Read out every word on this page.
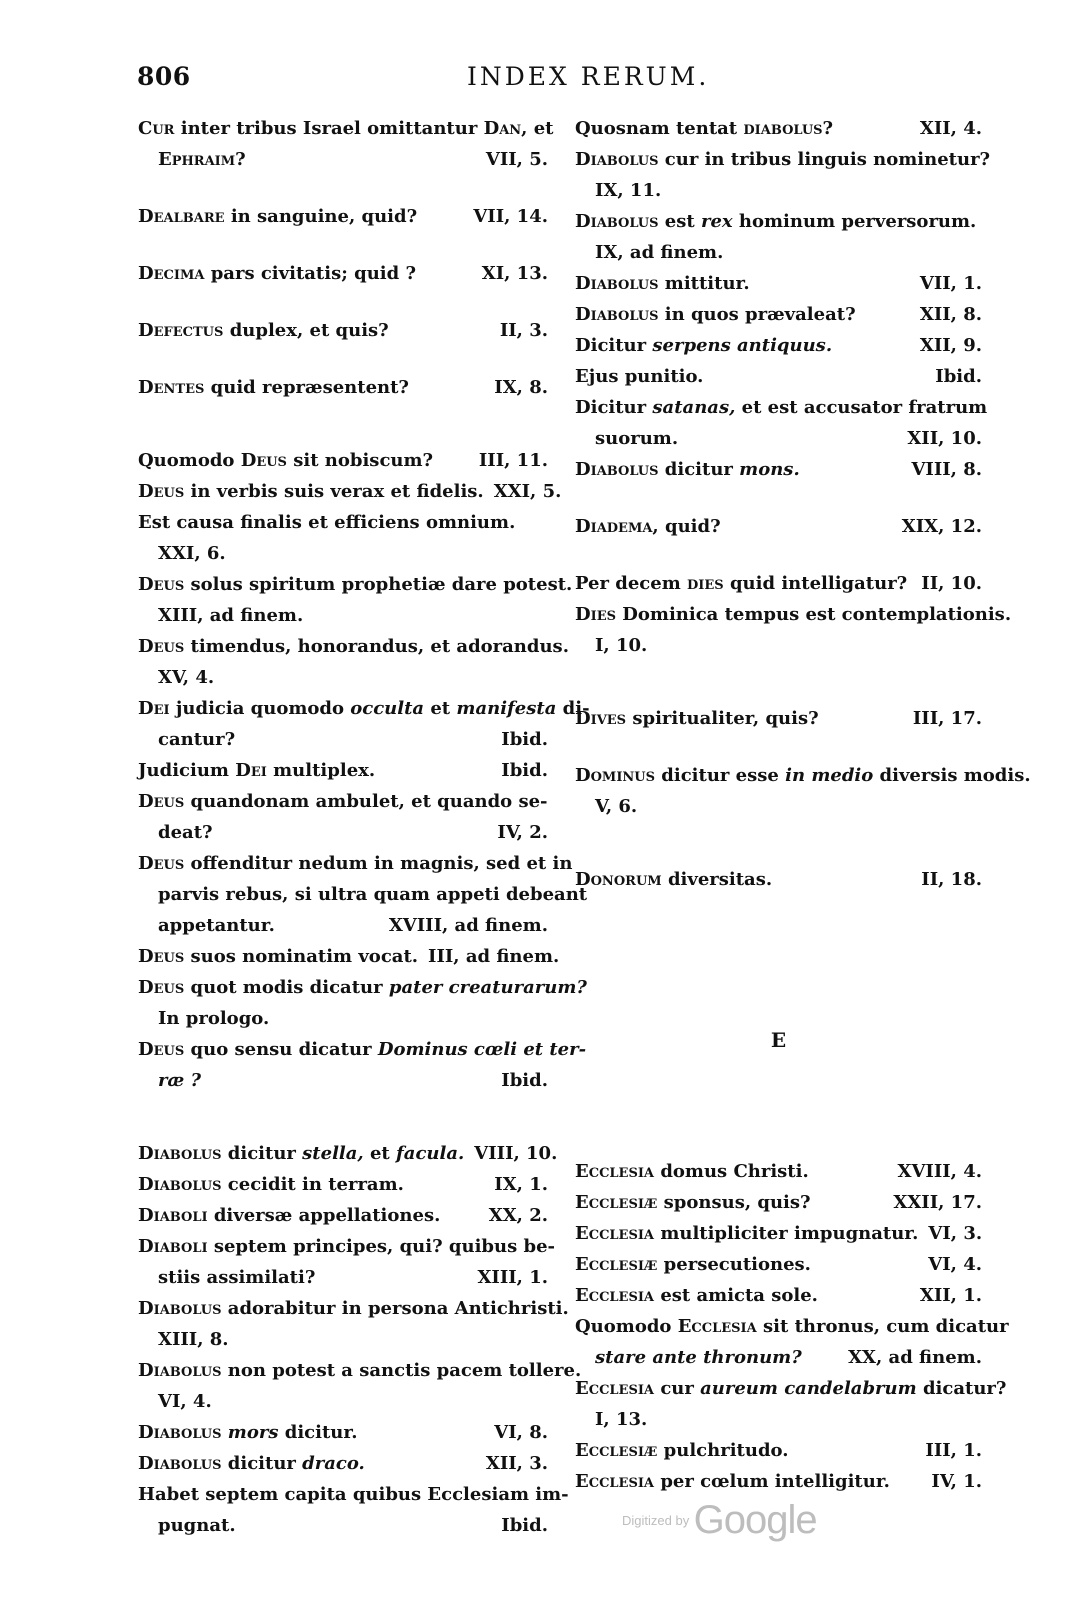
806	INDEX RERUM.
Cur inter tribus Israel omittantur Dan, et
Ephraim?	VII, 5.
Dealbare in sanguine, quid?	VII, 14.
Decima pars civitatis; quid ?	XI, 13.
Defectus duplex, et quis?	II, 3.
Dentes quid repræsentent?	IX, 8.
Quomodo Deus sit nobiscum?	III, 11.
Deus in verbis suis verax et fidelis. XXI, 5.
Est causa finalis et efficiens omnium.
XXI, 6.
Deus solus spiritum prophetiæ dare potest.
XIII, ad finem.
Deus timendus, honorandus, et adorandus.
XV, 4.
Dei judicia quomodo occulta et manifesta di-
cantur?	Ibid.
Judicium Dei multiplex.	Ibid.
Deus quandonam ambulet, et quando se-
deat?	IV, 2.
Deus offenditur nedum in magnis, sed et in
parvis rebus, si ultra quam appeti debeant
appetantur.	XVIII, ad finem.
Deus suos nominatim vocat. III, ad finem.
Deus quot modis dicatur pater creaturarum?
In prologo.
Deus quo sensu dicatur Dominus cœli et ter-
ræ ?	Ibid.
Diabolus dicitur stella, et facula. VIII, 10.
Diabolus cecidit in terram.	IX, 1.
Diaboli diversæ appellationes.	XX, 2.
Diaboli septem principes, qui? quibus be-
stiis assimilati?	XIII, 1.
Diabolus adorabitur in persona Antichristi.
XIII, 8.
Diabolus non potest a sanctis pacem tollere.
VI, 4.
Diabolus mors dicitur.	VI, 8.
Diabolus dicitur draco.	XII, 3.
Habet septem capita quibus Ecclesiam im-
pugnat.	Ibid.
Quosnam tentat diabolus?	XII, 4.
Diabolus cur in tribus linguis nominetur?
IX, 11.
Diabolus est rex hominum perversorum.
IX, ad finem.
Diabolus mittitur.	VII, 1.
Diabolus in quos prævaleat?	XII, 8.
Dicitur serpens antiquus.	XII, 9.
Ejus punitio.	Ibid.
Dicitur satanas, et est accusator fratrum
suorum.	XII, 10.
Diabolus dicitur mons.	VIII, 8.
Diadema, quid?	XIX, 12.
Per decem dies quid intelligatur? II, 10.
Dies Dominica tempus est contemplationis.
I, 10.
Dives spiritualiter, quis?	III, 17.
Dominus dicitur esse in medio diversis modis.
V, 6.
Donorum diversitas.	II, 18.
E
Ecclesia domus Christi.	XVIII, 4.
Ecclesiæ sponsus, quis?	XXII, 17.
Ecclesia multipliciter impugnatur. VI, 3.
Ecclesiæ persecutiones.	VI, 4.
Ecclesia est amicta sole.	XII, 1.
Quomodo Ecclesia sit thronus, cum dicatur
stare ante thronum?	XX, ad finem.
Ecclesia cur aureum candelabrum dicatur?
I, 13.
Ecclesiæ pulchritudo.	III, 1.
Ecclesia per cœlum intelligitur.	IV, 1.
Digitized by Google
